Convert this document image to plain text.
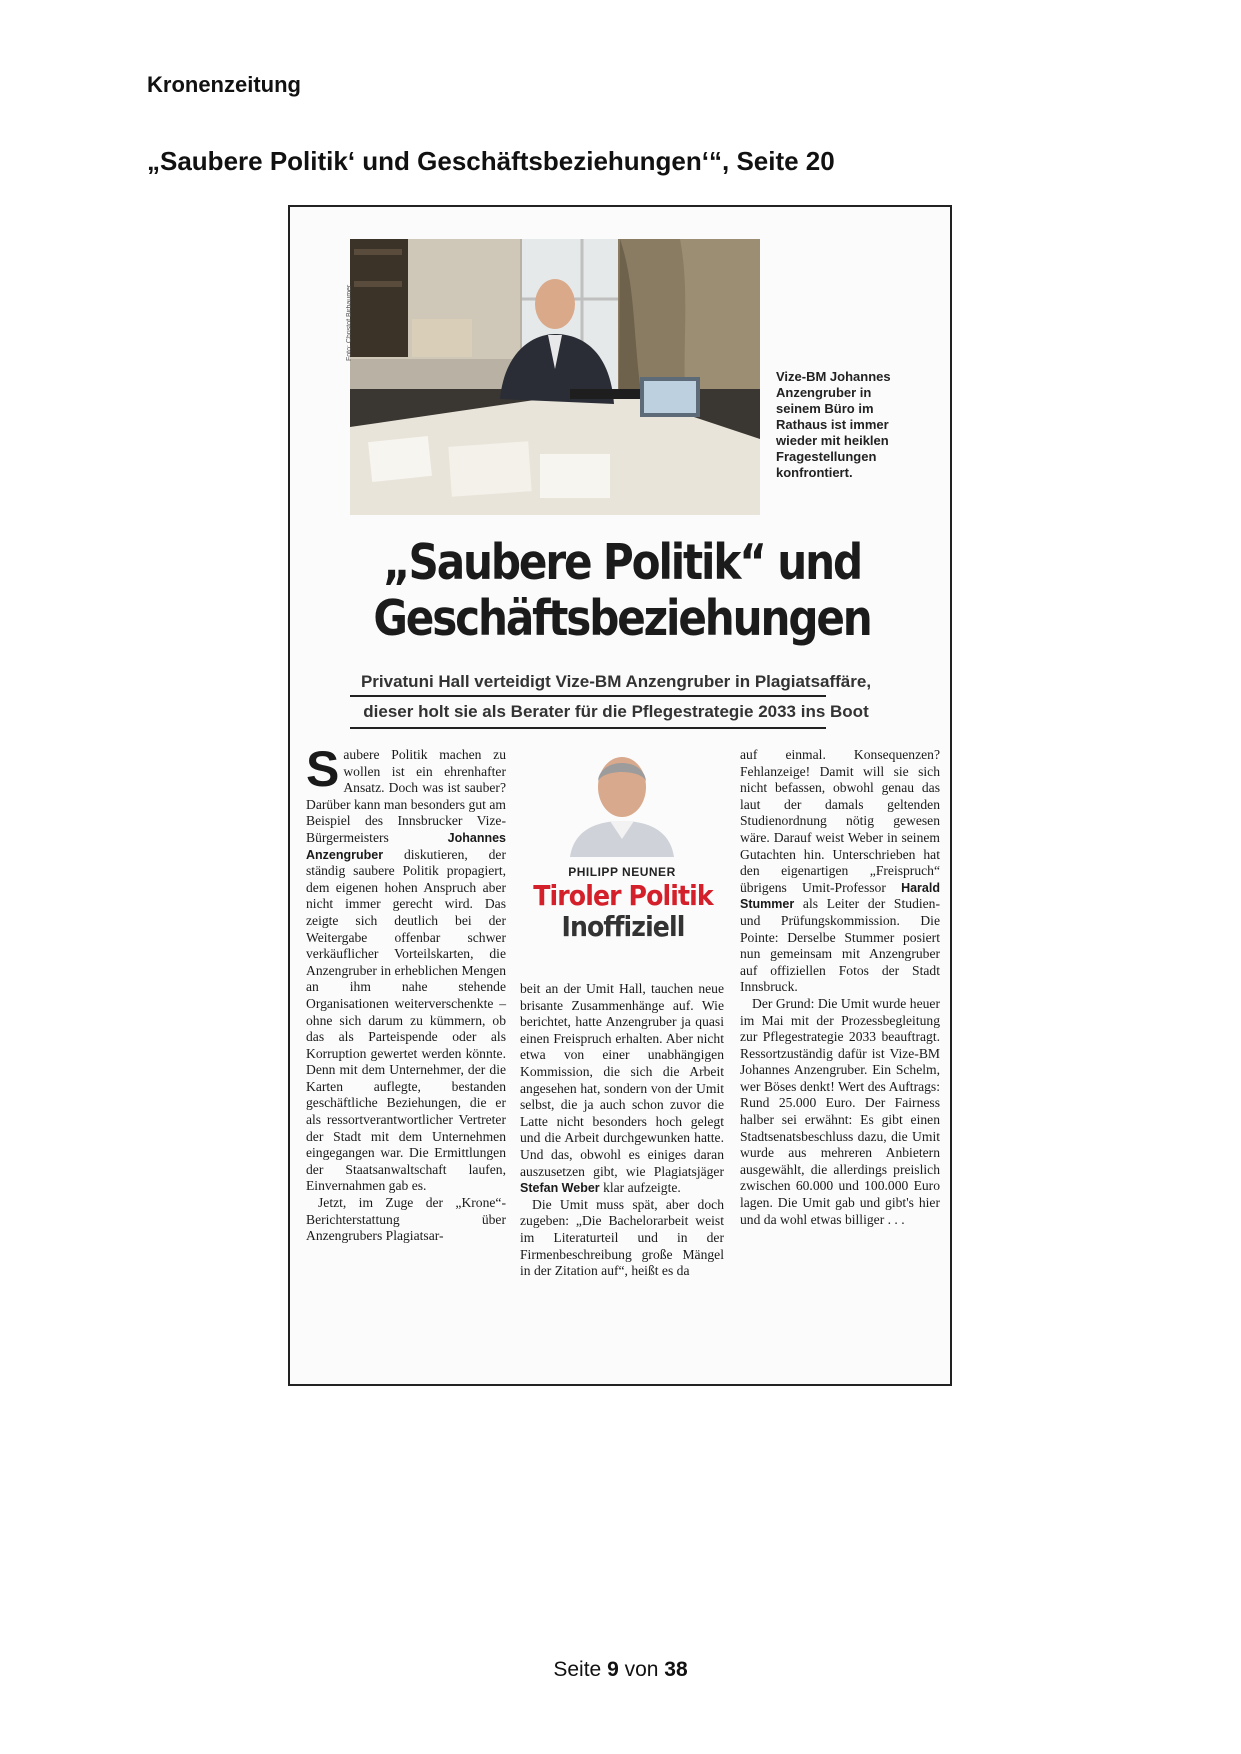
Kronenzeitung
„Saubere Politik‘ und Geschäftsbeziehungen‘“, Seite 20
Foto: Christof Birbaumer
Vize-BM Johannes Anzengruber in seinem Büro im Rathaus ist immer wieder mit heiklen Fragestellungen konfrontiert.
„Saubere Politik“ und
Geschäftsbeziehungen
Privatuni Hall verteidigt Vize-BM Anzengruber in Plagiatsaffäre,
dieser holt sie als Berater für die Pflegestrategie 2033 ins Boot

Saubere Politik machen zu wollen ist ein ehrenhafter Ansatz. Doch was ist sauber? Darüber kann man besonders gut am Beispiel des Innsbrucker Vize-Bürgermeisters	Johannes Anzengruber diskutieren, der ständig saubere Politik propagiert, dem eigenen hohen Anspruch aber nicht immer gerecht wird. Das zeigte sich deutlich bei der Weitergabe offenbar schwer verkäuflicher Vorteilskarten, die Anzengruber in erheblichen Mengen an ihm nahe stehende Organisationen weiterverschenkte – ohne sich darum zu kümmern, ob das als Parteispende oder als Korruption gewertet werden könnte. Denn mit dem Unternehmer, der die Karten auflegte, bestanden geschäftliche Beziehungen, die er als ressortverantwortlicher Vertreter der Stadt mit dem Unternehmen eingegangen war. Die Ermittlungen der Staatsanwaltschaft laufen, Einvernahmen gab es.

Jetzt, im Zuge der „Krone“-Berichterstattung über Anzengrubers Plagiatsar-

PHILIPP NEUNER
Tiroler Politik
Inoffiziell

beit an der Umit Hall, tauchen neue brisante Zusammenhänge auf. Wie berichtet, hatte Anzengruber ja quasi einen Freispruch erhalten. Aber nicht etwa von einer unabhängigen Kommission, die sich die Arbeit angesehen hat, sondern von der Umit selbst, die ja auch schon zuvor die Latte nicht besonders hoch gelegt und die Arbeit durchgewunken hatte. Und das, obwohl es einiges daran auszusetzen gibt, wie Plagiatsjäger Stefan Weber klar aufzeigte.

Die Umit muss spät, aber doch zugeben: „Die Bachelorarbeit weist im Literaturteil und in der Firmenbeschreibung große Mängel in der Zitation auf“, heißt es da

auf einmal. Konsequenzen? Fehlanzeige! Damit will sie sich nicht befassen, obwohl genau das laut der damals geltenden Studienordnung nötig gewesen wäre. Darauf weist Weber in seinem Gutachten hin. Unterschrieben hat den eigenartigen „Freispruch“ übrigens Umit-Professor Harald Stummer als Leiter der Studien- und Prüfungskommission. Die Pointe: Derselbe Stummer posiert nun gemeinsam mit Anzengruber auf offiziellen Fotos der Stadt Innsbruck.

Der Grund: Die Umit wurde heuer im Mai mit der Prozessbegleitung zur Pflegestrategie 2033 beauftragt. Ressortzuständig dafür ist Vize-BM Johannes Anzengruber. Ein Schelm, wer Böses denkt! Wert des Auftrags: Rund 25.000 Euro. Der Fairness halber sei erwähnt: Es gibt einen Stadtsenatsbeschluss dazu, die Umit wurde aus mehreren Anbietern ausgewählt, die allerdings preislich zwischen 60.000 und 100.000 Euro lagen. Die Umit gab und gibt's hier und da wohl etwas billiger . . .

Seite 9 von 38
